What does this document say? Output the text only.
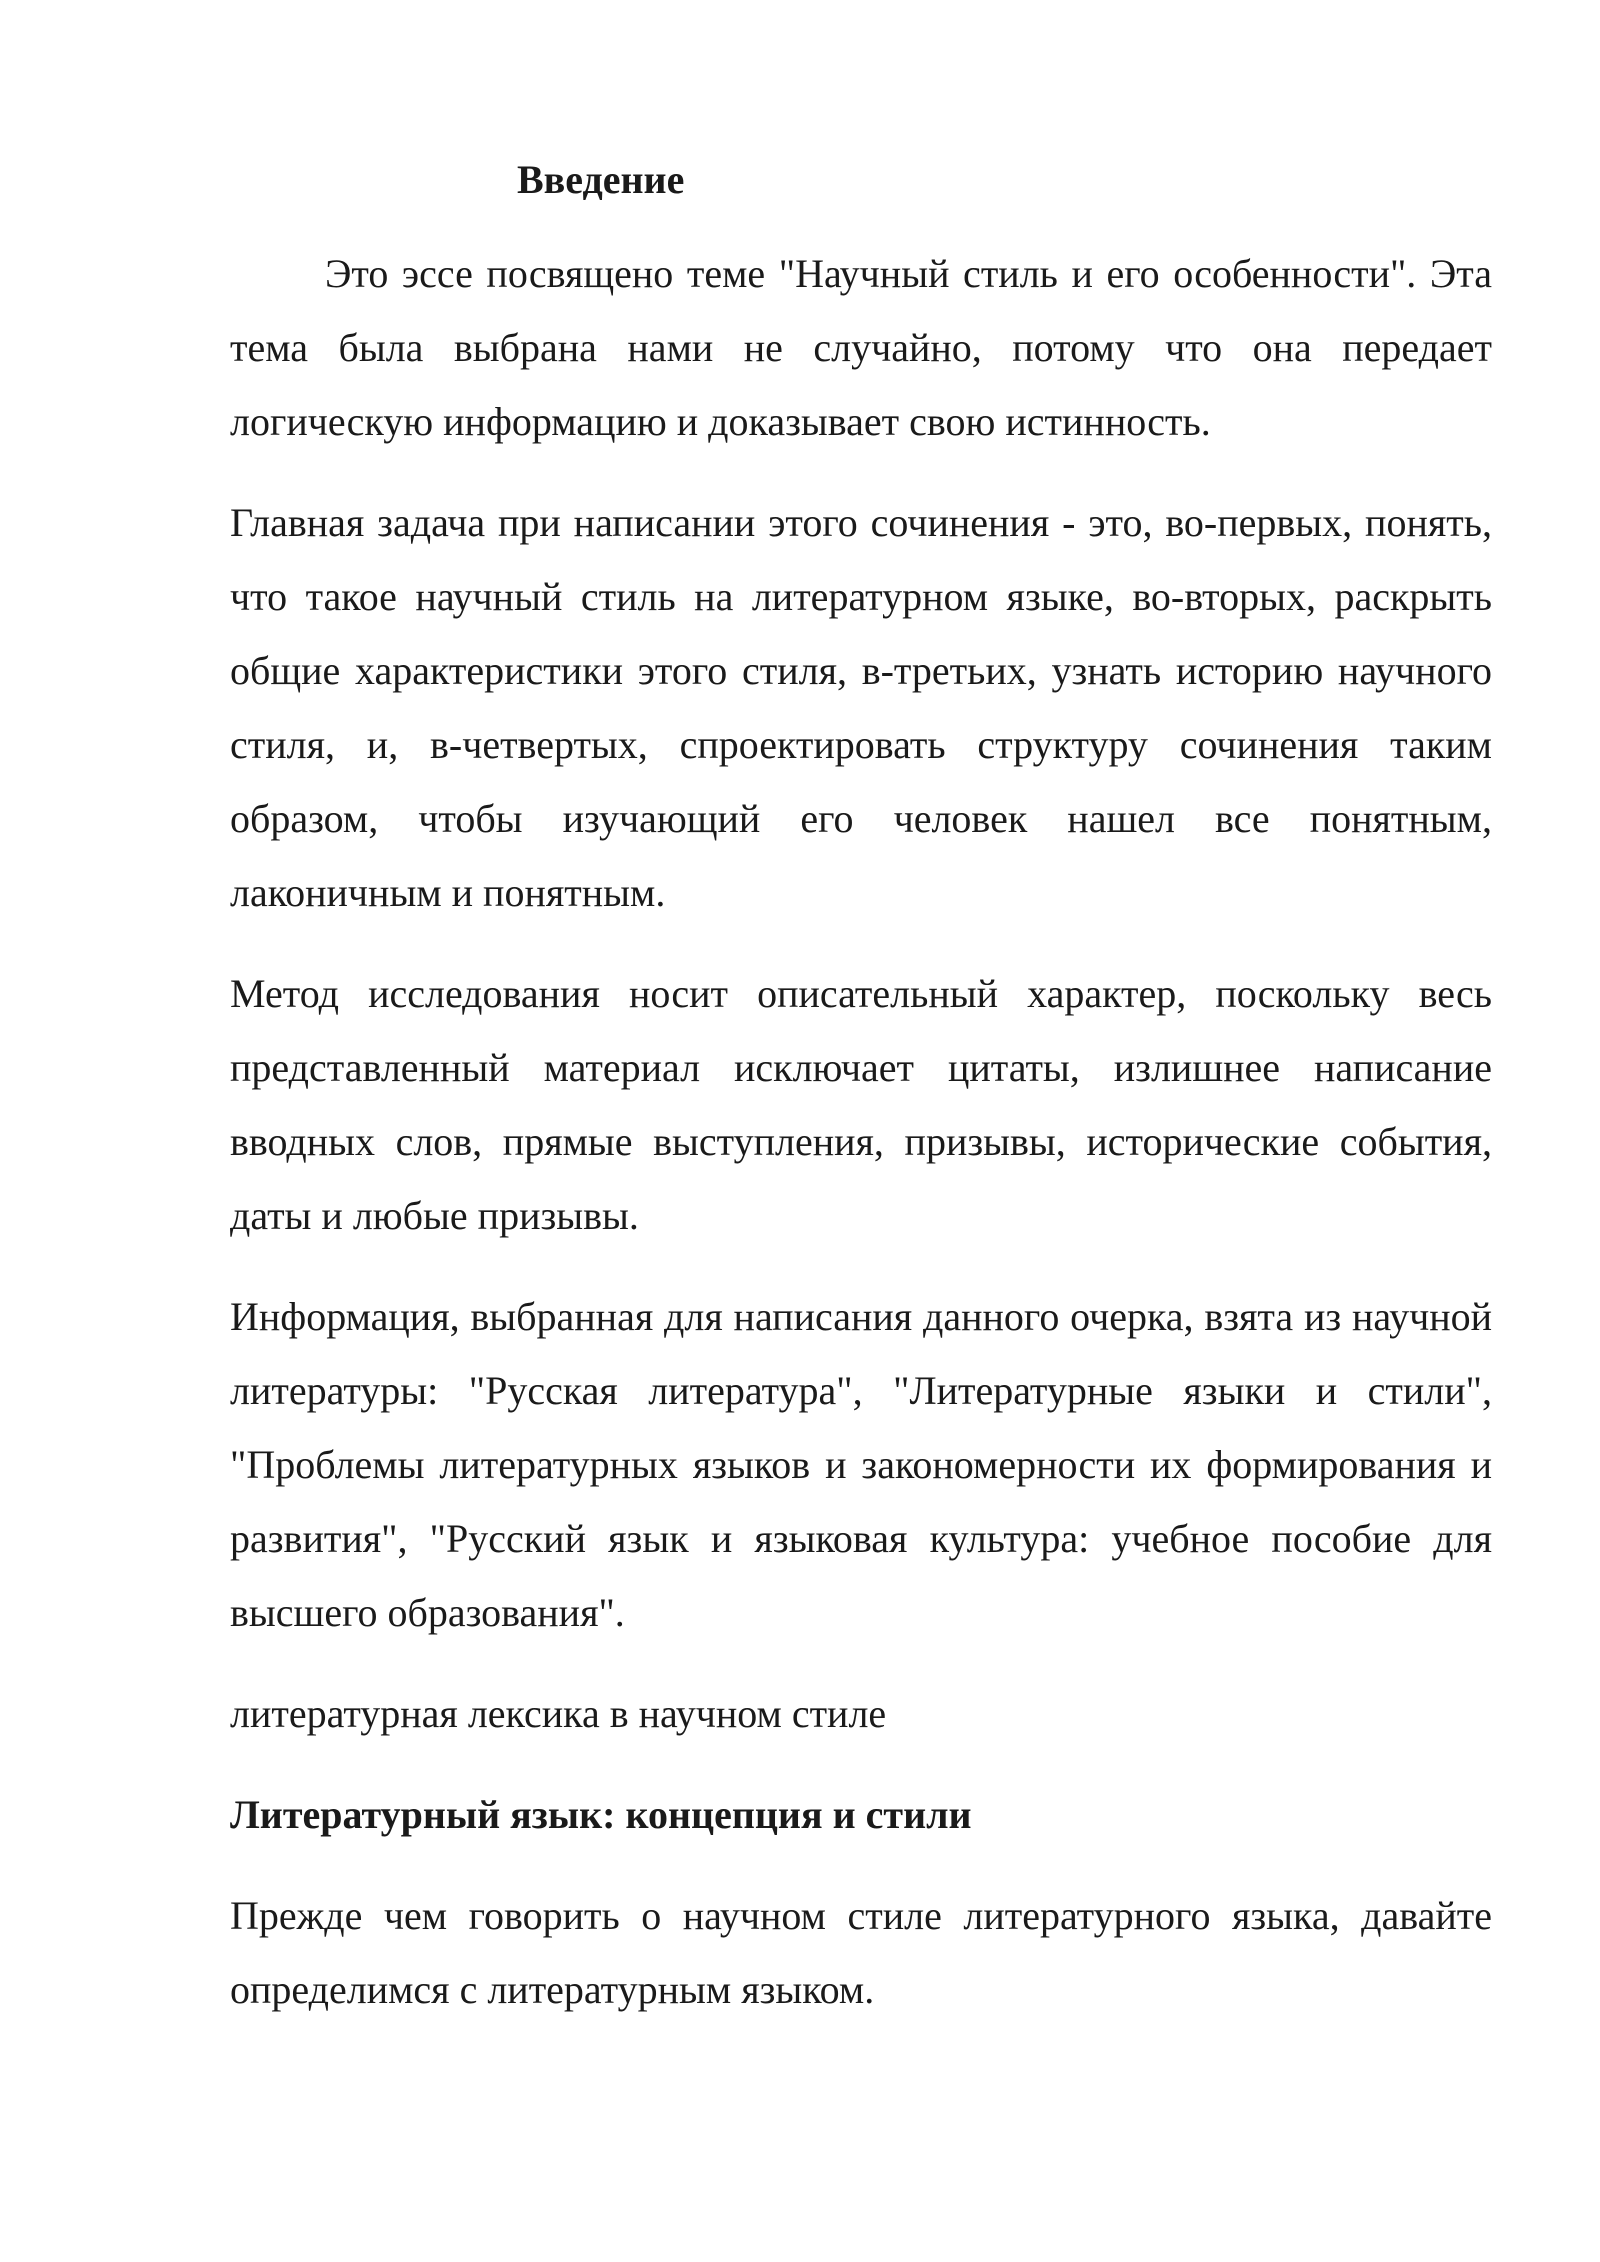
Введение

Это эссе посвящено теме "Научный стиль и его особенности". Эта тема была выбрана нами не случайно, потому что она передает логическую информацию и доказывает свою истинность.

Главная задача при написании этого сочинения - это, во-первых, понять, что такое научный стиль на литературном языке, во-вторых, раскрыть общие характеристики этого стиля, в-третьих, узнать историю научного стиля, и, в-четвертых, спроектировать структуру сочинения таким образом, чтобы изучающий его человек нашел все понятным, лаконичным и понятным.

Метод исследования носит описательный характер, поскольку весь представленный материал исключает цитаты, излишнее написание вводных слов, прямые выступления, призывы, исторические события, даты и любые призывы.

Информация, выбранная для написания данного очерка, взята из научной литературы: "Русская литература", "Литературные языки и стили", "Проблемы литературных языков и закономерности их формирования и развития", "Русский язык и языковая культура: учебное пособие для высшего образования".

литературная лексика в научном стиле

Литературный язык: концепция и стили

Прежде чем говорить о научном стиле литературного языка, давайте определимся с литературным языком.
